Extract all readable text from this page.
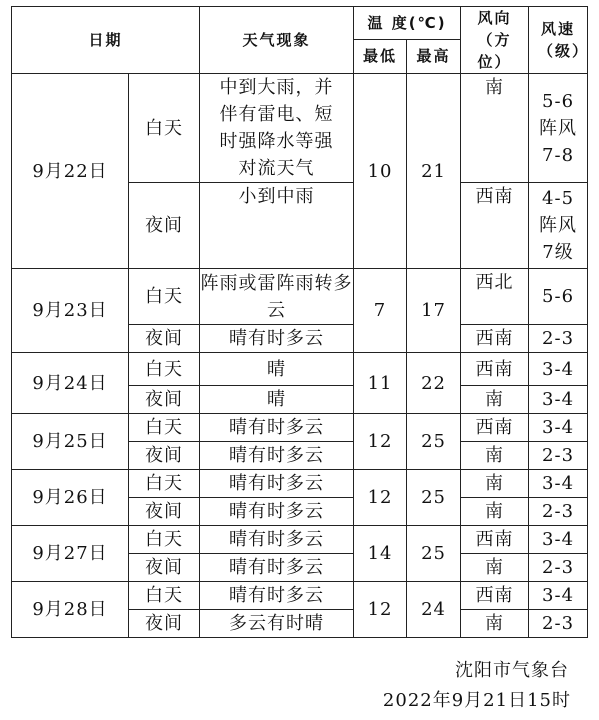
日期		天气现象	温 度(℃)		风向（方位）	风速（级）

			最低	最高		
9月22日	白天	中到大雨，并伴有雷电、短时强降水等强对流天气	10	21	南	5-6阵风7-8

	夜间	小到中雨			西南	4-5阵风7级

9月23日	白天	阵雨或雷阵雨转多云	7	17	西北	5-6
	夜间	晴有时多云			西南	2-3
9月24日	白天	晴	11	22	西南	3-4
	夜间	晴			南	3-4
9月25日	白天	晴有时多云	12	25	西南	3-4
	夜间	晴有时多云			南	2-3
9月26日	白天	晴有时多云	12	25	南	3-4
	夜间	晴有时多云			南	2-3
9月27日	白天	晴有时多云	14	25	西南	3-4
	夜间	晴有时多云			南	2-3
9月28日	白天	晴有时多云	12	24	西南	3-4
	夜间	多云有时晴			南	2-3
沈阳市气象台
2022年9月21日15时
